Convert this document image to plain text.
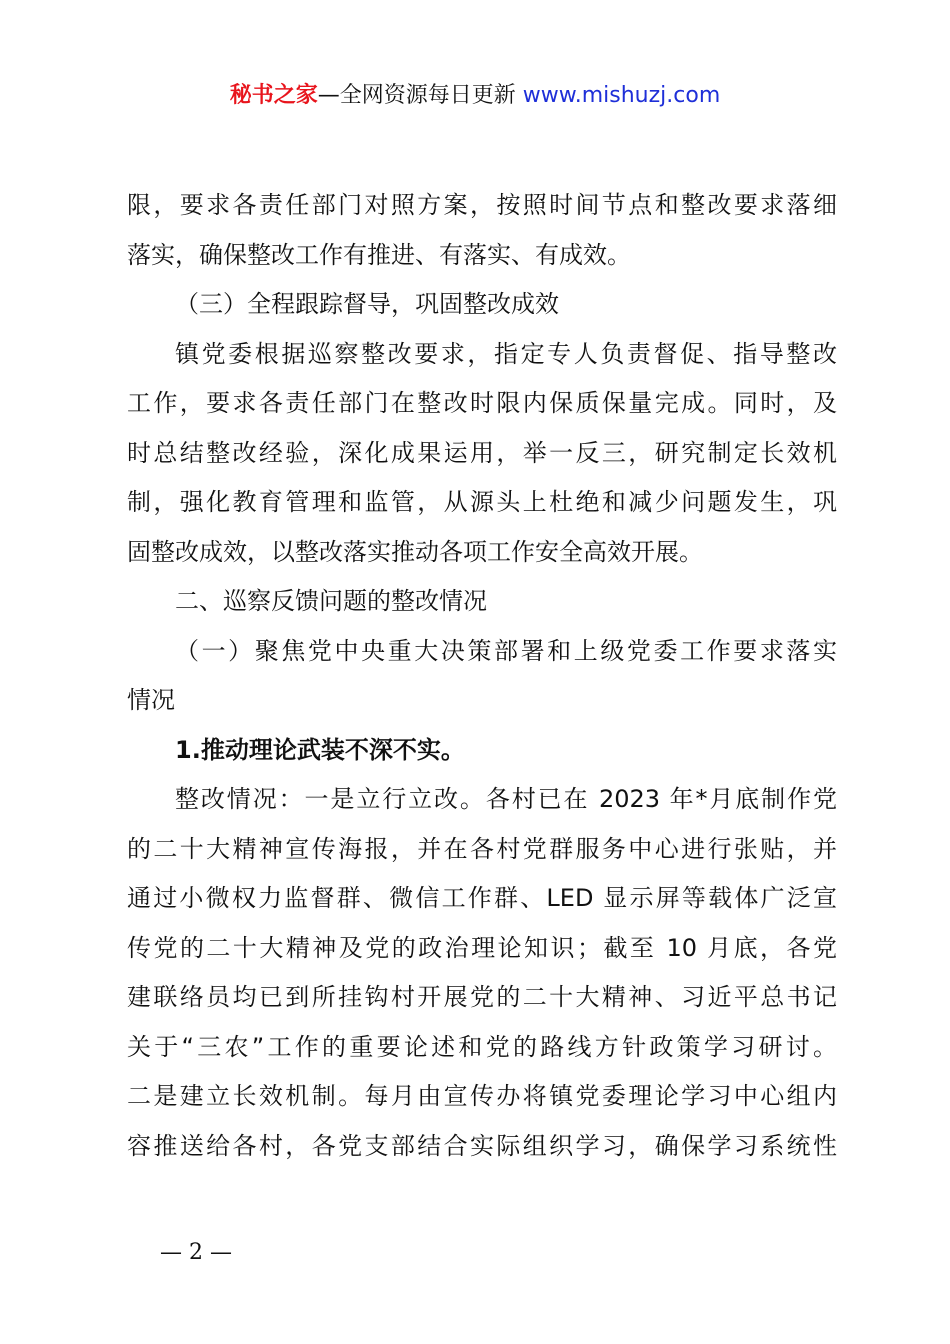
秘书之家—全网资源每日更新 www.mishuzj.com
限，要求各责任部门对照方案，按照时间节点和整改要求落细
落实，确保整改工作有推进、有落实、有成效。
（三）全程跟踪督导，巩固整改成效
镇党委根据巡察整改要求，指定专人负责督促、指导整改
工作，要求各责任部门在整改时限内保质保量完成。同时，及
时总结整改经验，深化成果运用，举一反三，研究制定长效机
制，强化教育管理和监管，从源头上杜绝和减少问题发生，巩
固整改成效，以整改落实推动各项工作安全高效开展。
二、巡察反馈问题的整改情况
（一）聚焦党中央重大决策部署和上级党委工作要求落实
情况
1.推动理论武装不深不实。
整改情况：一是立行立改。各村已在 2023 年*月底制作党
的二十大精神宣传海报，并在各村党群服务中心进行张贴，并
通过小微权力监督群、微信工作群、LED 显示屏等载体广泛宣
传党的二十大精神及党的政治理论知识；截至 10 月底，各党
建联络员均已到所挂钩村开展党的二十大精神、习近平总书记
关于“三农”工作的重要论述和党的路线方针政策学习研讨。
二是建立长效机制。每月由宣传办将镇党委理论学习中心组内
容推送给各村，各党支部结合实际组织学习，确保学习系统性
— 2 —
